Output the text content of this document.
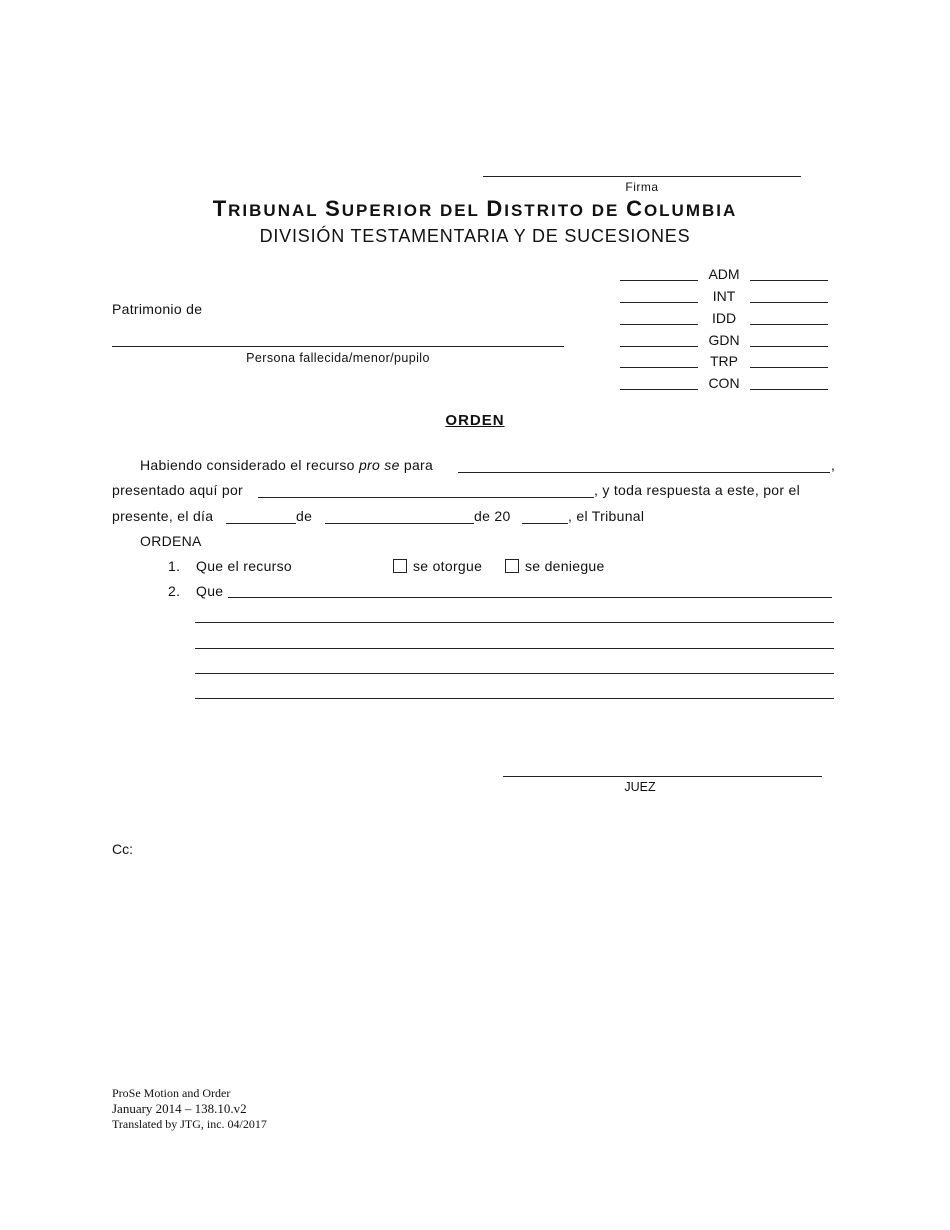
Firma
TRIBUNAL SUPERIOR DEL DISTRITO DE COLUMBIA
DIVISIÓN TESTAMENTARIA Y DE SUCESIONES
Patrimonio de
Persona fallecida/menor/pupilo
ADM
INT
IDD
GDN
TRP
CON
ORDEN
Habiendo considerado el recurso pro se para	,
presentado aquí por	, y toda respuesta a este, por el
presente, el día	de	de 20	, el Tribunal
ORDENA
1. Que el recurso	se otorgue	se deniegue
2. Que
JUEZ
Cc:
ProSe Motion and Order
January 2014 – 138.10.v2
Translated by JTG, inc. 04/2017
